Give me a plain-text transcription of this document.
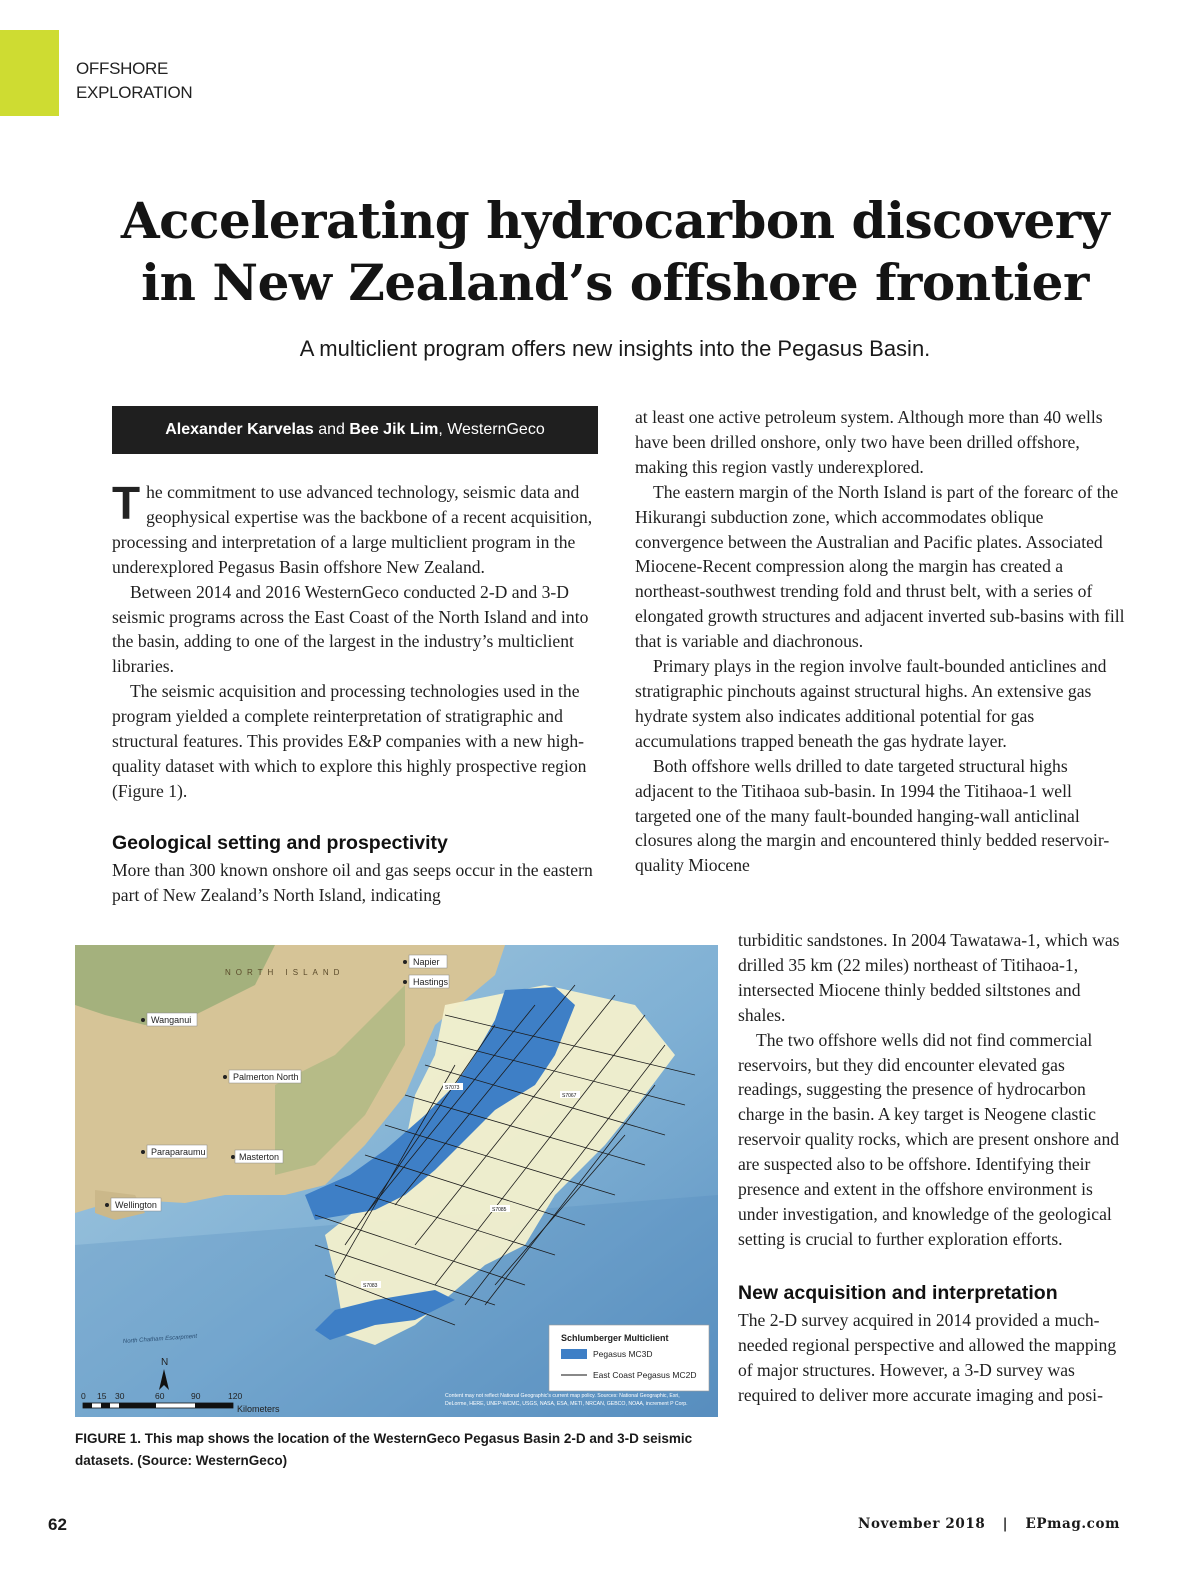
OFFSHORE
EXPLORATION
Accelerating hydrocarbon discovery
in New Zealand’s offshore frontier
A multiclient program offers new insights into the Pegasus Basin.
Alexander Karvelas and Bee Jik Lim, WesternGeco

The commitment to use advanced technology, seismic data and geophysical expertise was the backbone of a recent acquisition, processing and interpretation of a large multiclient program in the underexplored Pegasus Basin offshore New Zealand.

Between 2014 and 2016 WesternGeco conducted 2-D and 3-D seismic programs across the East Coast of the North Island and into the basin, adding to one of the largest in the industry’s multiclient libraries.

The seismic acquisition and processing technologies used in the program yielded a complete reinterpretation of stratigraphic and structural features. This provides E&P companies with a new high-quality dataset with which to explore this highly prospective region (Figure 1).

Geological setting and prospectivity

More than 300 known onshore oil and gas seeps occur in the eastern part of New Zealand’s North Island, indicating

at least one active petroleum system. Although more than 40 wells have been drilled onshore, only two have been drilled offshore, making this region vastly underexplored.

The eastern margin of the North Island is part of the forearc of the Hikurangi subduction zone, which accommodates oblique convergence between the Australian and Pacific plates. Associated Miocene-Recent compression along the margin has created a northeast-southwest trending fold and thrust belt, with a series of elongated growth structures and adjacent inverted sub-basins with fill that is variable and diachronous.

Primary plays in the region involve fault-bounded anticlines and stratigraphic pinchouts against structural highs. An extensive gas hydrate system also indicates additional potential for gas accumulations trapped beneath the gas hydrate layer.

Both offshore wells drilled to date targeted structural highs adjacent to the Titihaoa sub-basin. In 1994 the Titihaoa-1 well targeted one of the many fault-bounded hanging-wall anticlinal closures along the margin and encountered thinly bedded reservoir-quality Miocene

turbiditic sandstones. In 2004 Tawatawa-1, which was drilled 35 km (22 miles) northeast of Titihaoa-1, intersected Miocene thinly bedded siltstones and shales.

The two offshore wells did not find commercial reservoirs, but they did encounter elevated gas readings, suggesting the presence of hydrocarbon charge in the basin. A key target is Neogene clastic reservoir quality rocks, which are present onshore and are suspected also to be offshore. Identifying their presence and extent in the offshore environment is under investigation, and knowledge of the geological setting is crucial to further exploration efforts.

New acquisition and interpretation

The 2-D survey acquired in 2014 provided a much-needed regional perspective and allowed the mapping of major structures. However, a 3-D survey was required to deliver more accurate imaging and posi-

NORTH ISLAND
Napier
Hastings
Wanganui
Palmerton North
Paraparaumu	Masterton
Wellington
S7073
S7067
S7085
S7083
North Chatham Escarpment
N
0 15 30	60	90	120
Kilometers
Content may not reflect National Geographic's current map policy. Sources: National Geographic, Esri,
DeLorme, HERE, UNEP-WCMC, USGS, NASA, ESA, METI, NRCAN, GEBCO, NOAA, increment P Corp.
Schlumberger Multiclient
Pegasus MC3D
East Coast Pegasus MC2D
FIGURE 1. This map shows the location of the WesternGeco Pegasus Basin 2-D and 3-D seismic datasets. (Source: WesternGeco)
62	November 2018 | EPmag.com
